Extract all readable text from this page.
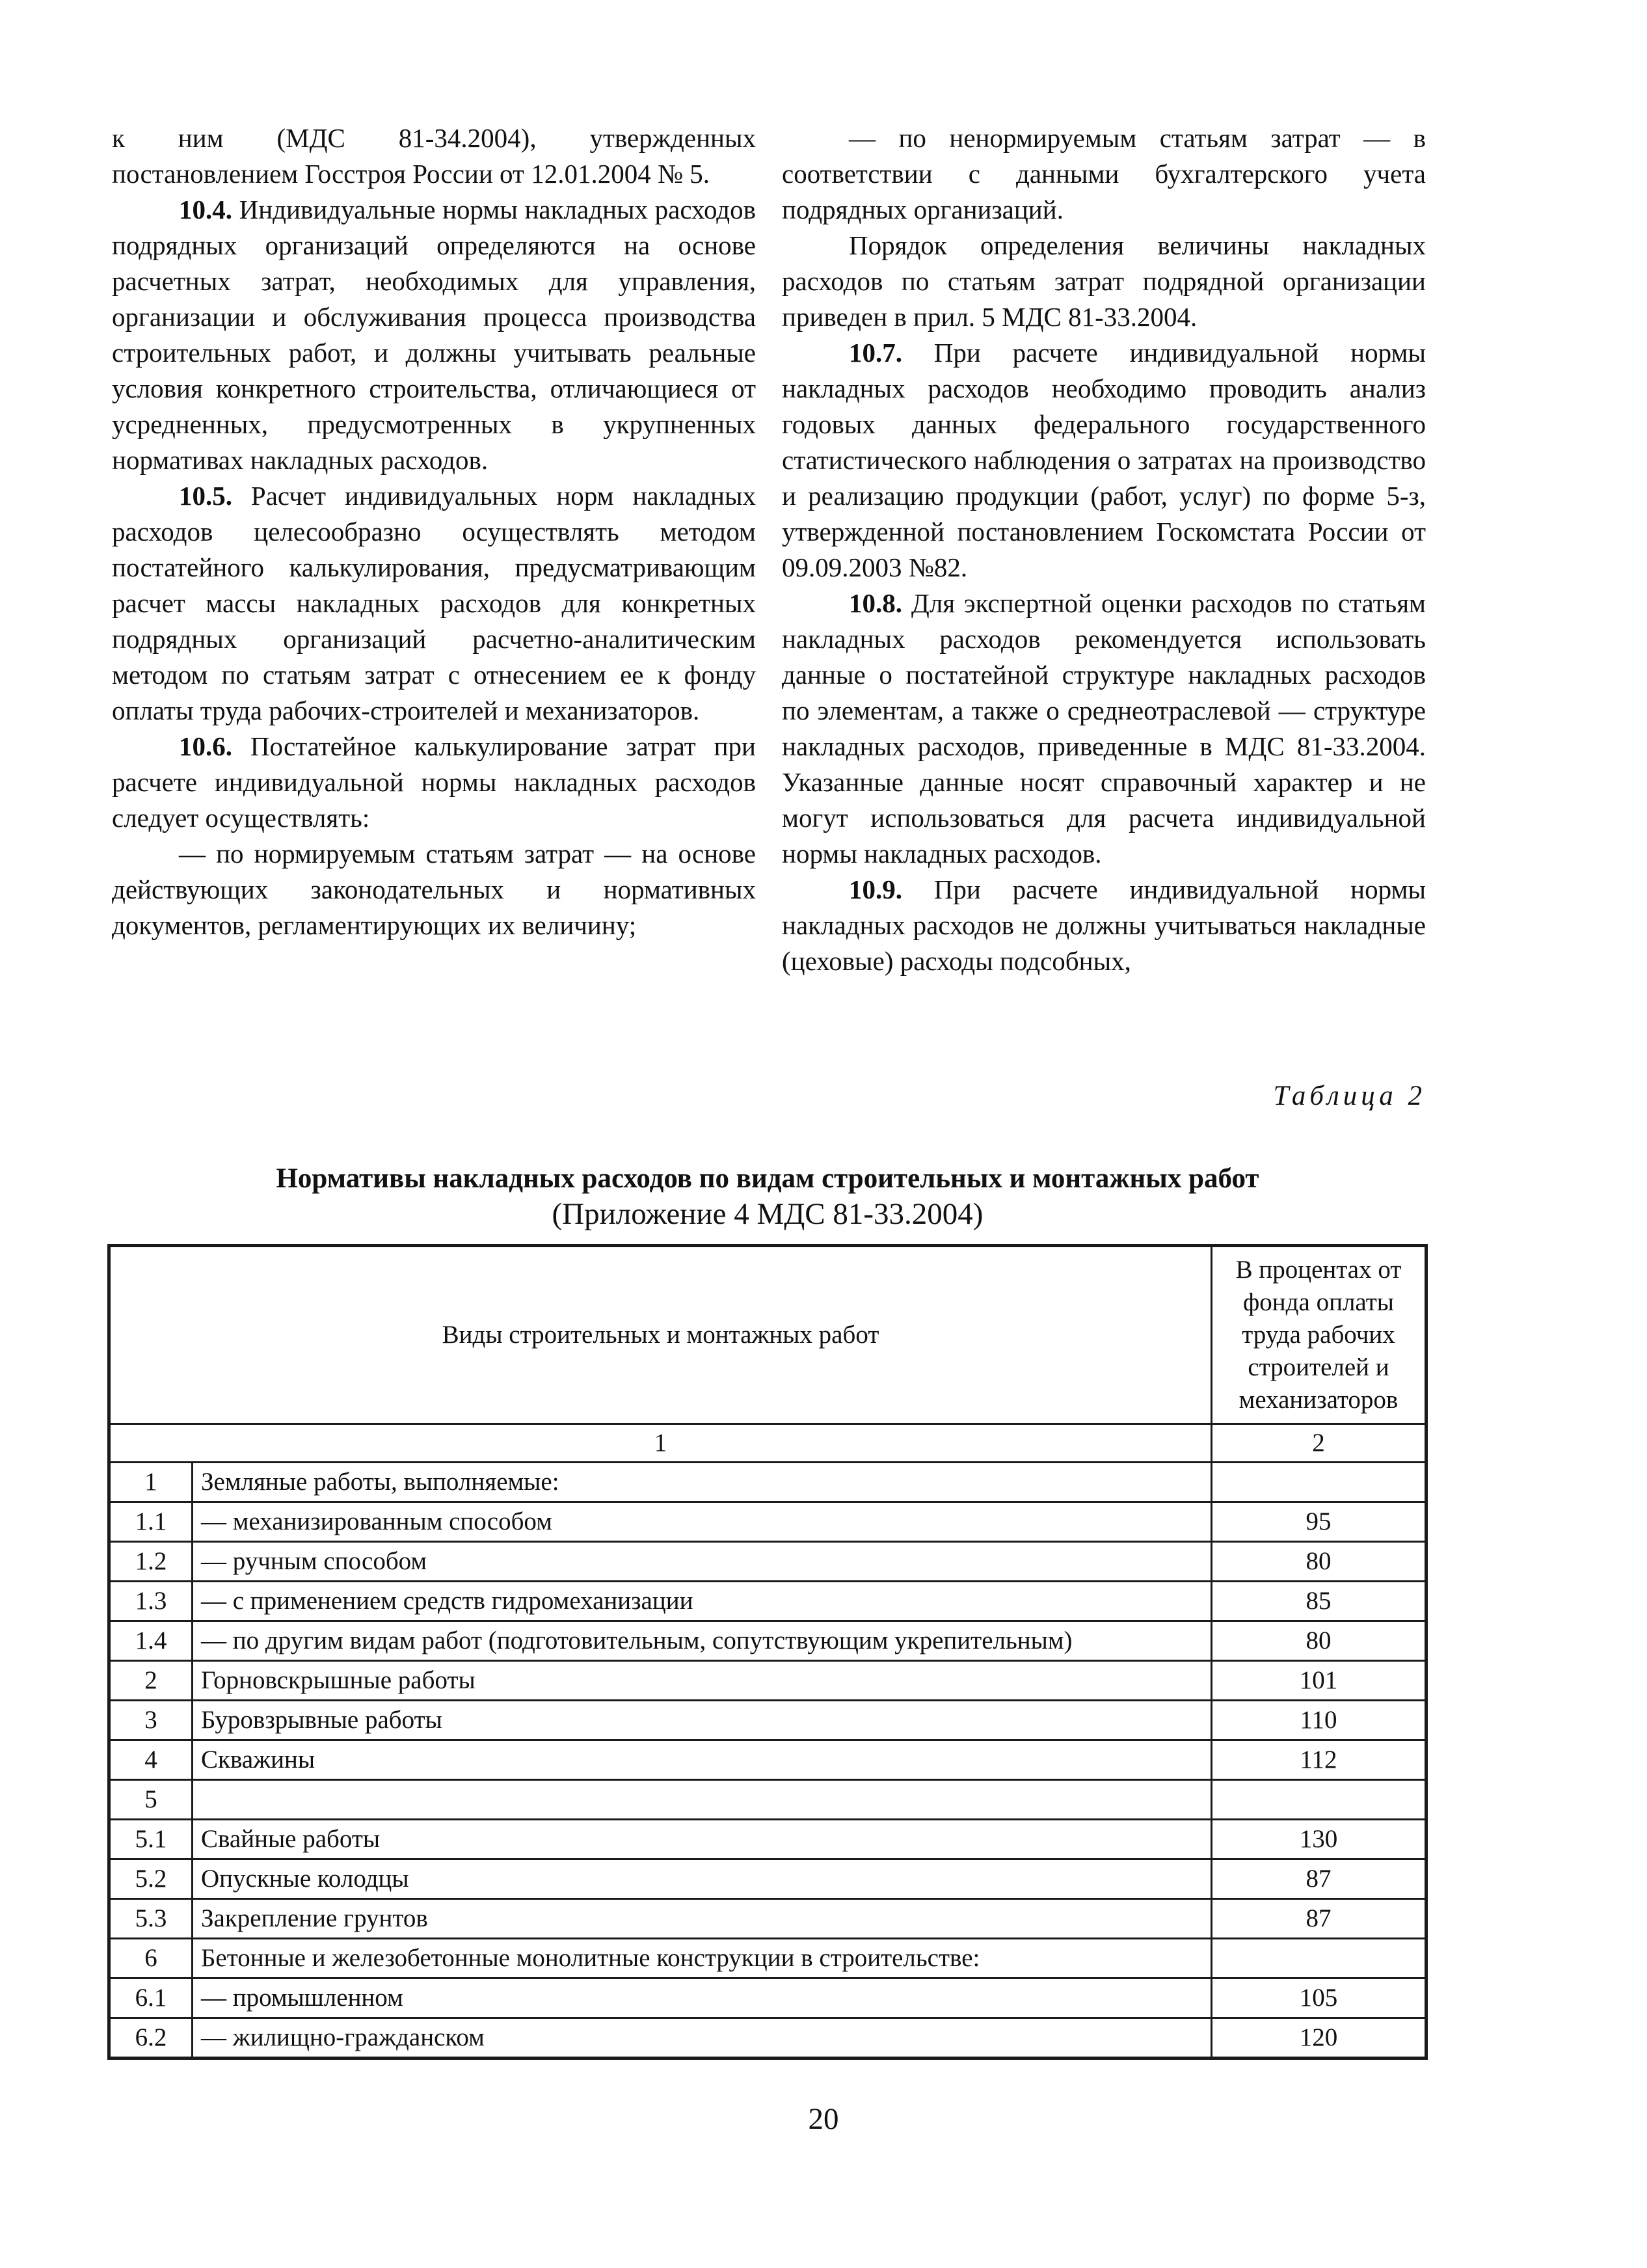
к ним (МДС 81-34.2004), утвержденных постановлением Госстроя России от 12.01.2004 № 5.

10.4. Индивидуальные нормы накладных расходов подрядных организаций определяются на основе расчетных затрат, необходимых для управления, организации и обслуживания процесса производства строительных работ, и должны учитывать реальные условия конкретного строительства, отличающиеся от усредненных, предусмотренных в укрупненных нормативах накладных расходов.

10.5. Расчет индивидуальных норм накладных расходов целесообразно осуществлять методом постатейного калькулирования, предусматривающим расчет массы накладных расходов для конкретных подрядных организаций расчетно-аналитическим методом по статьям затрат с отнесением ее к фонду оплаты труда рабочих-строителей и механизаторов.

10.6. Постатейное калькулирование затрат при расчете индивидуальной нормы накладных расходов следует осуществлять:

— по нормируемым статьям затрат — на основе действующих законодательных и нормативных документов, регламентирующих их величину;

— по ненормируемым статьям затрат — в соответствии с данными бухгалтерского учета подрядных организаций.

Порядок определения величины накладных расходов по статьям затрат подрядной организации приведен в прил. 5 МДС 81-33.2004.

10.7. При расчете индивидуальной нормы накладных расходов необходимо проводить анализ годовых данных федерального государственного статистического наблюдения о затратах на производство и реализацию продукции (работ, услуг) по форме 5-з, утвержденной постановлением Госкомстата России от 09.09.2003 №82.

10.8. Для экспертной оценки расходов по статьям накладных расходов рекомендуется использовать данные о постатейной структуре накладных расходов по элементам, а также о среднеотраслевой — структуре накладных расходов, приведенные в МДС 81-33.2004. Указанные данные носят справочный характер и не могут использоваться для расчета индивидуальной нормы накладных расходов.

10.9. При расчете индивидуальной нормы накладных расходов не должны учитываться накладные (цеховые) расходы подсобных,

Таблица 2
Нормативы накладных расходов по видам строительных и монтажных работ
(Приложение 4 МДС 81-33.2004)
Виды строительных и монтажных работ		В процентах от фонда оплаты труда рабочих строителей и механизаторов
1		2
1	Земляные работы, выполняемые:	
1.1	— механизированным способом	95
1.2	— ручным способом	80
1.3	— с применением средств гидромеханизации	85
1.4	— по другим видам работ (подготовительным, сопутствующим укрепительным)	80
2	Горновскрышные работы	101
3	Буровзрывные работы	110
4	Скважины	112
5		
5.1	Свайные работы	130
5.2	Опускные колодцы	87
5.3	Закрепление грунтов	87
6	Бетонные и железобетонные монолитные конструкции в строительстве:	
6.1	— промышленном	105
6.2	— жилищно-гражданском	120
20
